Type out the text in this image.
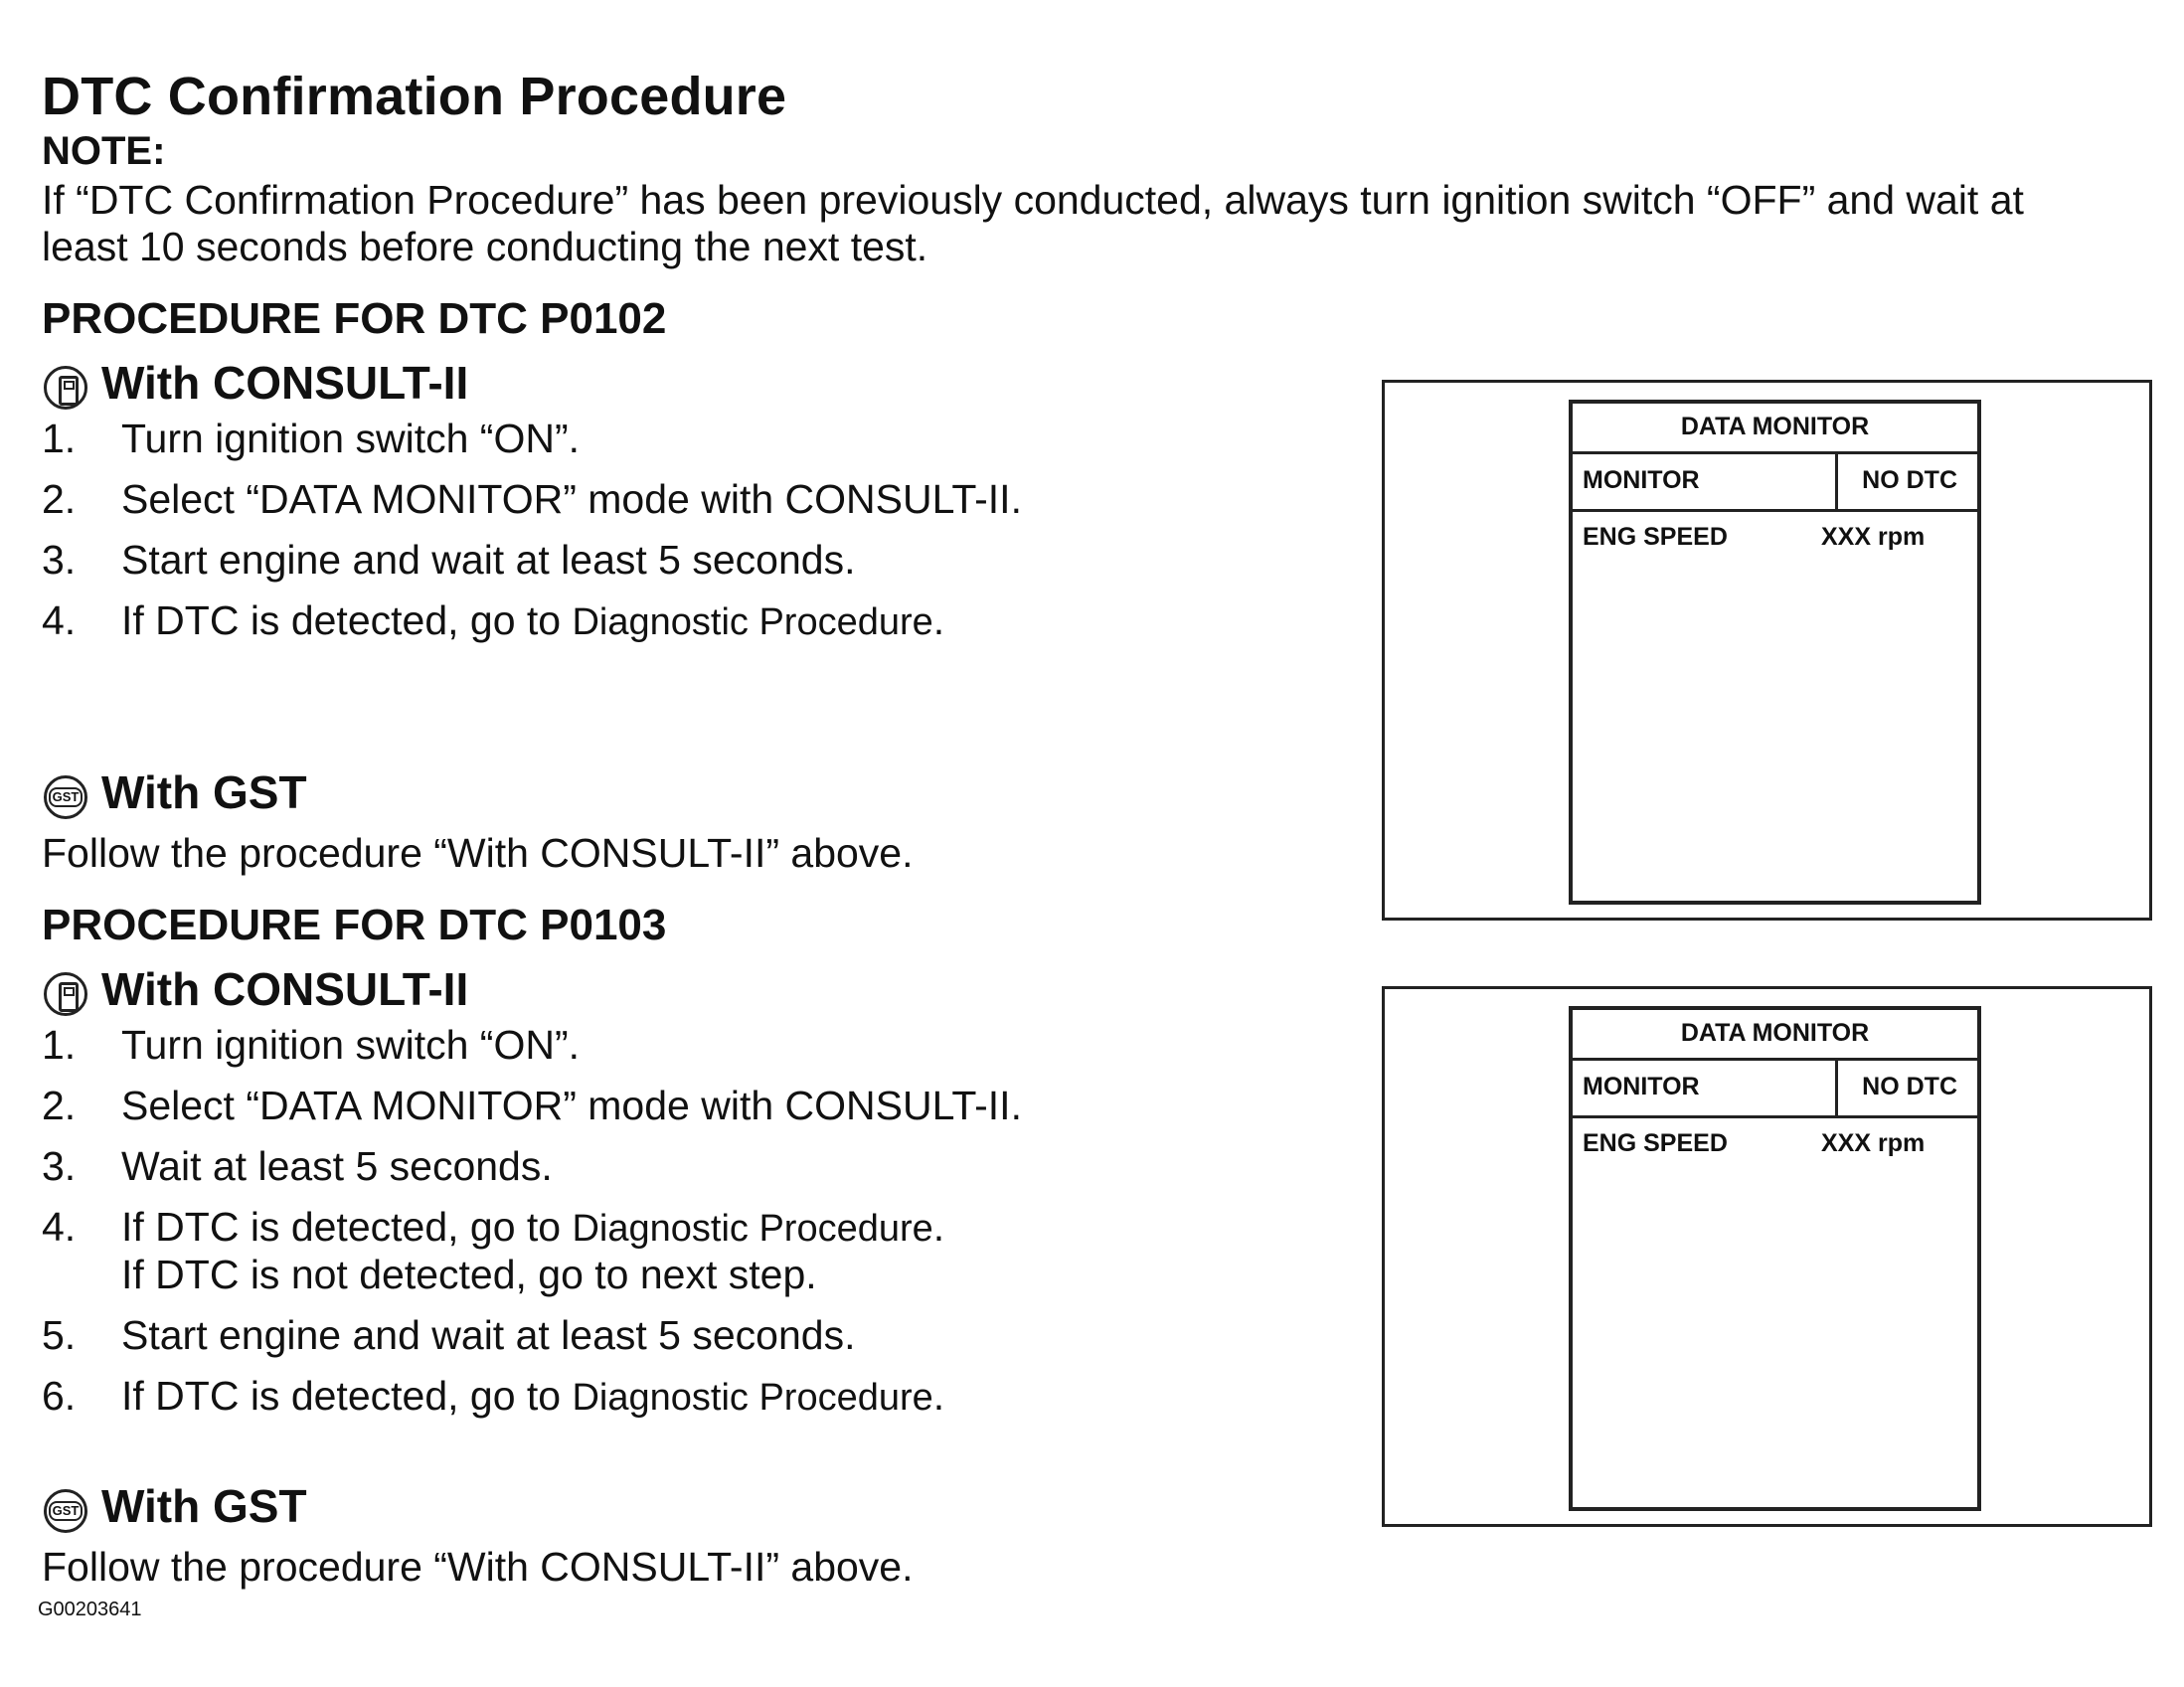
DTC Confirmation Procedure
NOTE:
If “DTC Confirmation Procedure” has been previously conducted, always turn ignition switch “OFF” and wait at
least 10 seconds before conducting the next test.
PROCEDURE FOR DTC P0102
With CONSULT-II
1. Turn ignition switch “ON”.
2. Select “DATA MONITOR” mode with CONSULT-II.
3. Start engine and wait at least 5 seconds.
4. If DTC is detected, go to Diagnostic Procedure.
GST With GST
Follow the procedure “With CONSULT-II” above.
PROCEDURE FOR DTC P0103
With CONSULT-II
1. Turn ignition switch “ON”.
2. Select “DATA MONITOR” mode with CONSULT-II.
3. Wait at least 5 seconds.
4. If DTC is detected, go to Diagnostic Procedure.
If DTC is not detected, go to next step.
5. Start engine and wait at least 5 seconds.
6. If DTC is detected, go to Diagnostic Procedure.
GST With GST
Follow the procedure “With CONSULT-II” above.
G00203641
DATA MONITOR
MONITOR	NO DTC
ENG SPEED	XXX rpm
DATA MONITOR
MONITOR	NO DTC
ENG SPEED	XXX rpm
